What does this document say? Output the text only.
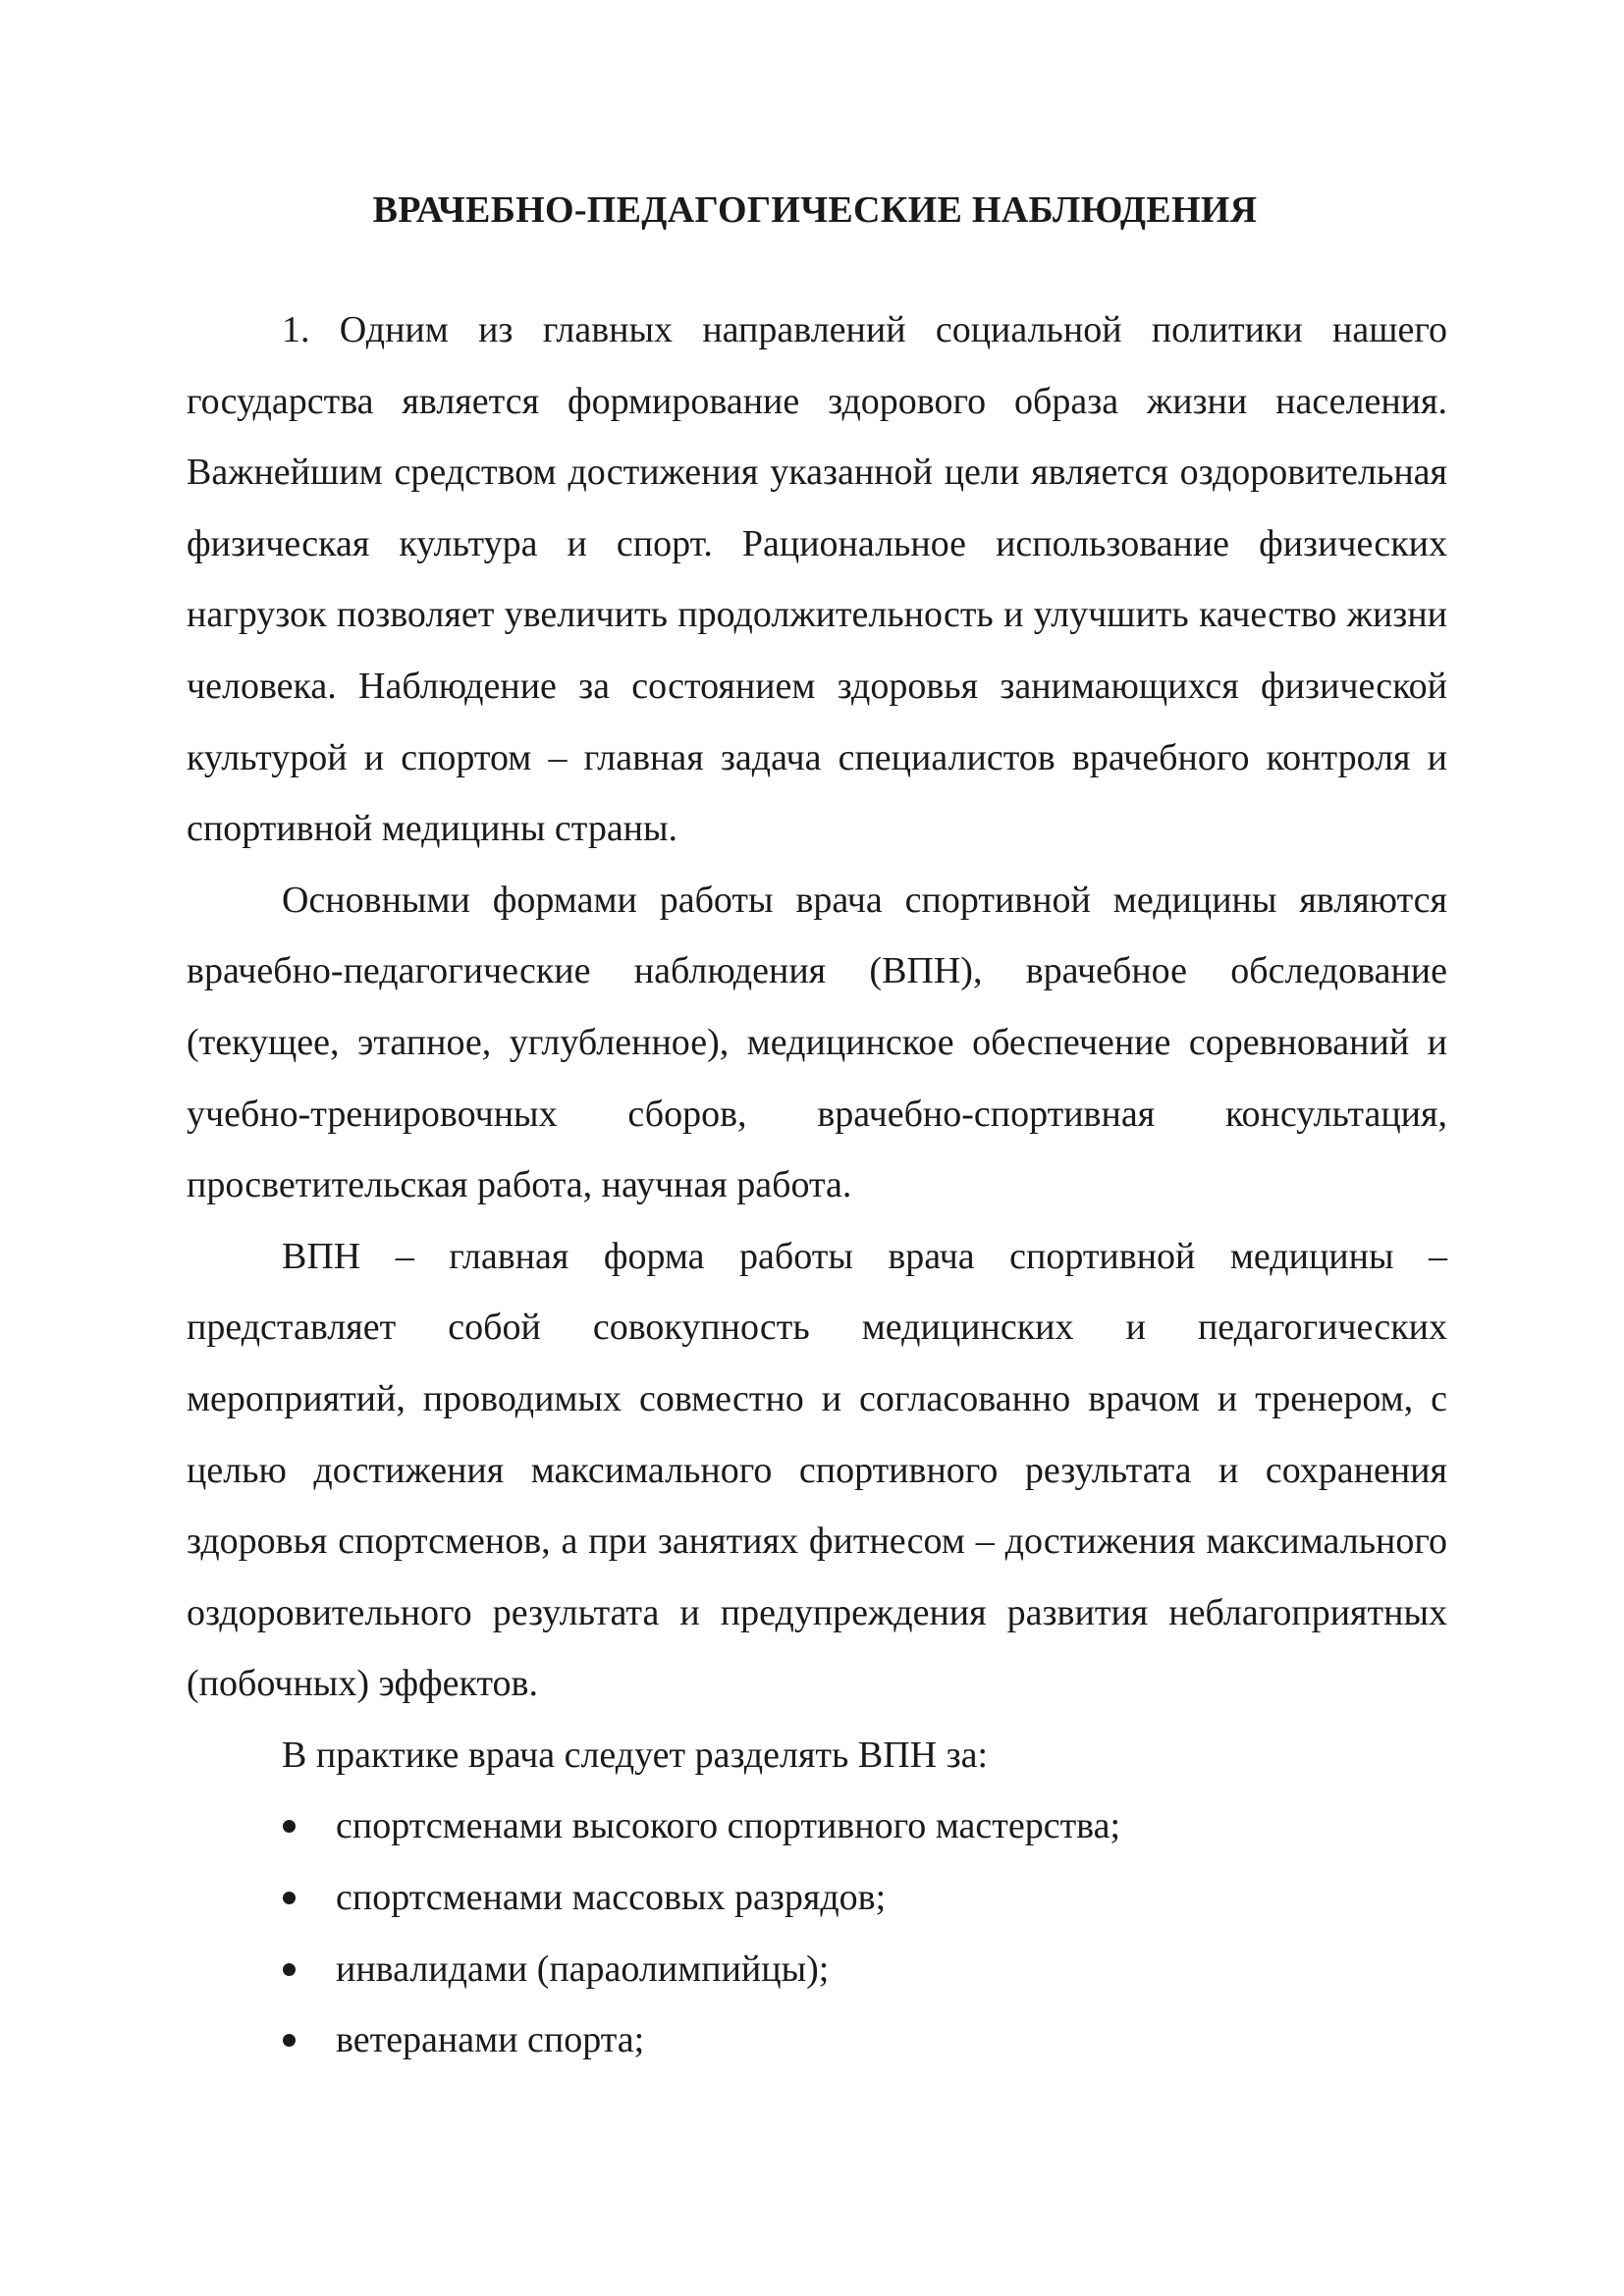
ВРАЧЕБНО-ПЕДАГОГИЧЕСКИЕ НАБЛЮДЕНИЯ

1. Одним из главных направлений социальной политики нашего государства является формирование здорового образа жизни населения. Важнейшим средством достижения указанной цели является оздоровительная физическая культура и спорт. Рациональное использование физических нагрузок позволяет увеличить продолжительность и улучшить качество жизни человека. Наблюдение за состоянием здоровья занимающихся физической культурой и спортом – главная задача специалистов врачебного контроля и спортивной медицины страны.

Основными формами работы врача спортивной медицины являются врачебно-педагогические наблюдения (ВПН), врачебное обследование (текущее, этапное, углубленное), медицинское обеспечение соревнований и учебно-тренировочных сборов, врачебно-спортивная консультация, просветительская работа, научная работа.

ВПН – главная форма работы врача спортивной медицины – представляет собой совокупность медицинских и педагогических мероприятий, проводимых совместно и согласованно врачом и тренером, с целью достижения максимального спортивного результата и сохранения здоровья спортсменов, а при занятиях фитнесом – достижения максимального оздоровительного результата и предупреждения развития неблагоприятных (побочных) эффектов.

В практике врача следует разделять ВПН за:

спортсменами высокого спортивного мастерства;
спортсменами массовых разрядов;
инвалидами (параолимпийцы);
ветеранами спорта;
